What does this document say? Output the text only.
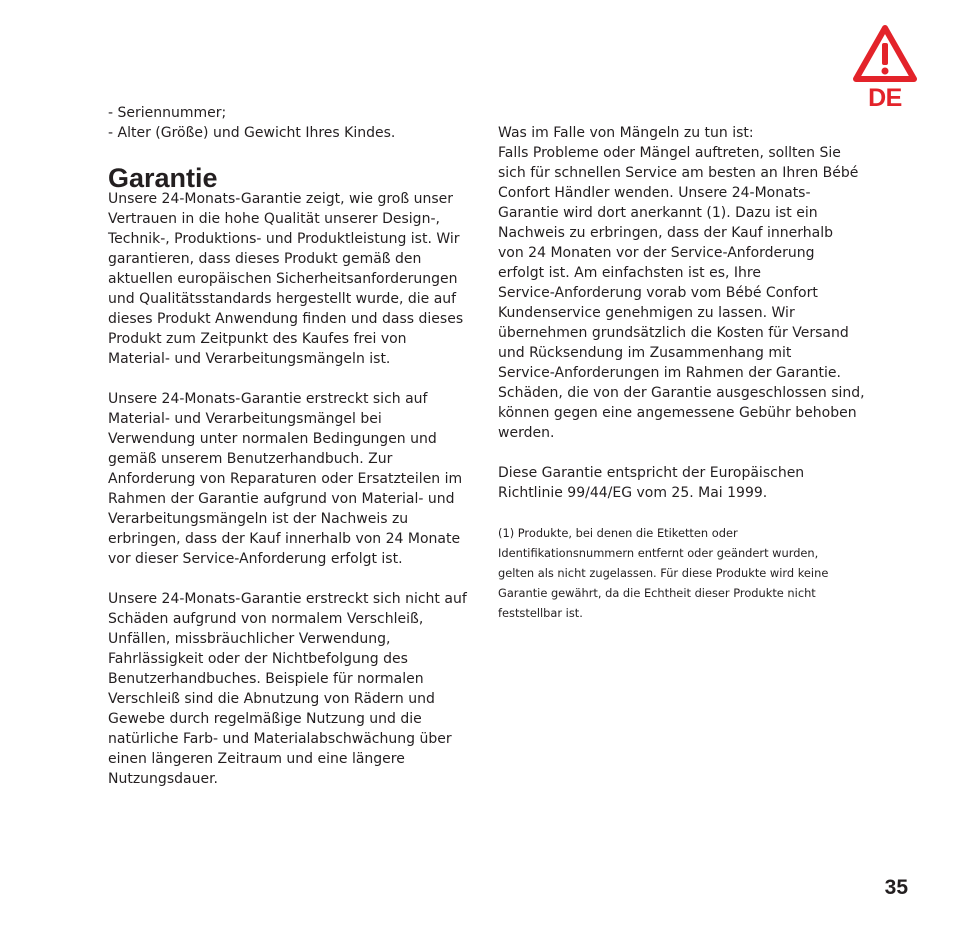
DE

- Seriennummer;
- Alter (Größe) und Gewicht Ihres Kindes.

Garantie

Unsere 24-Monats-Garantie zeigt, wie groß unser
Vertrauen in die hohe Qualität unserer Design-,
Technik-, Produktions- und Produktleistung ist. Wir
garantieren, dass dieses Produkt gemäß den
aktuellen europäischen Sicherheitsanforderungen
und Qualitätsstandards hergestellt wurde, die auf
dieses Produkt Anwendung finden und dass dieses
Produkt zum Zeitpunkt des Kaufes frei von
Material- und Verarbeitungsmängeln ist.

Unsere 24-Monats-Garantie erstreckt sich auf
Material- und Verarbeitungsmängel bei
Verwendung unter normalen Bedingungen und
gemäß unserem Benutzerhandbuch. Zur
Anforderung von Reparaturen oder Ersatzteilen im
Rahmen der Garantie aufgrund von Material- und
Verarbeitungsmängeln ist der Nachweis zu
erbringen, dass der Kauf innerhalb von 24 Monate
vor dieser Service-Anforderung erfolgt ist.

Unsere 24-Monats-Garantie erstreckt sich nicht auf
Schäden aufgrund von normalem Verschleiß,
Unfällen, missbräuchlicher Verwendung,
Fahrlässigkeit oder der Nichtbefolgung des
Benutzerhandbuches. Beispiele für normalen
Verschleiß sind die Abnutzung von Rädern und
Gewebe durch regelmäßige Nutzung und die
natürliche Farb- und Materialabschwächung über
einen längeren Zeitraum und eine längere
Nutzungsdauer.

Was im Falle von Mängeln zu tun ist:
Falls Probleme oder Mängel auftreten, sollten Sie
sich für schnellen Service am besten an Ihren Bébé
Confort Händler wenden. Unsere 24-Monats-
Garantie wird dort anerkannt (1). Dazu ist ein
Nachweis zu erbringen, dass der Kauf innerhalb
von 24 Monaten vor der Service-Anforderung
erfolgt ist. Am einfachsten ist es, Ihre
Service-Anforderung vorab vom Bébé Confort
Kundenservice genehmigen zu lassen. Wir
übernehmen grundsätzlich die Kosten für Versand
und Rücksendung im Zusammenhang mit
Service-Anforderungen im Rahmen der Garantie.
Schäden, die von der Garantie ausgeschlossen sind,
können gegen eine angemessene Gebühr behoben
werden.

Diese Garantie entspricht der Europäischen
Richtlinie 99/44/EG vom 25. Mai 1999.

(1) Produkte, bei denen die Etiketten oder
Identifikationsnummern entfernt oder geändert wurden,
gelten als nicht zugelassen. Für diese Produkte wird keine
Garantie gewährt, da die Echtheit dieser Produkte nicht
feststellbar ist.

35
